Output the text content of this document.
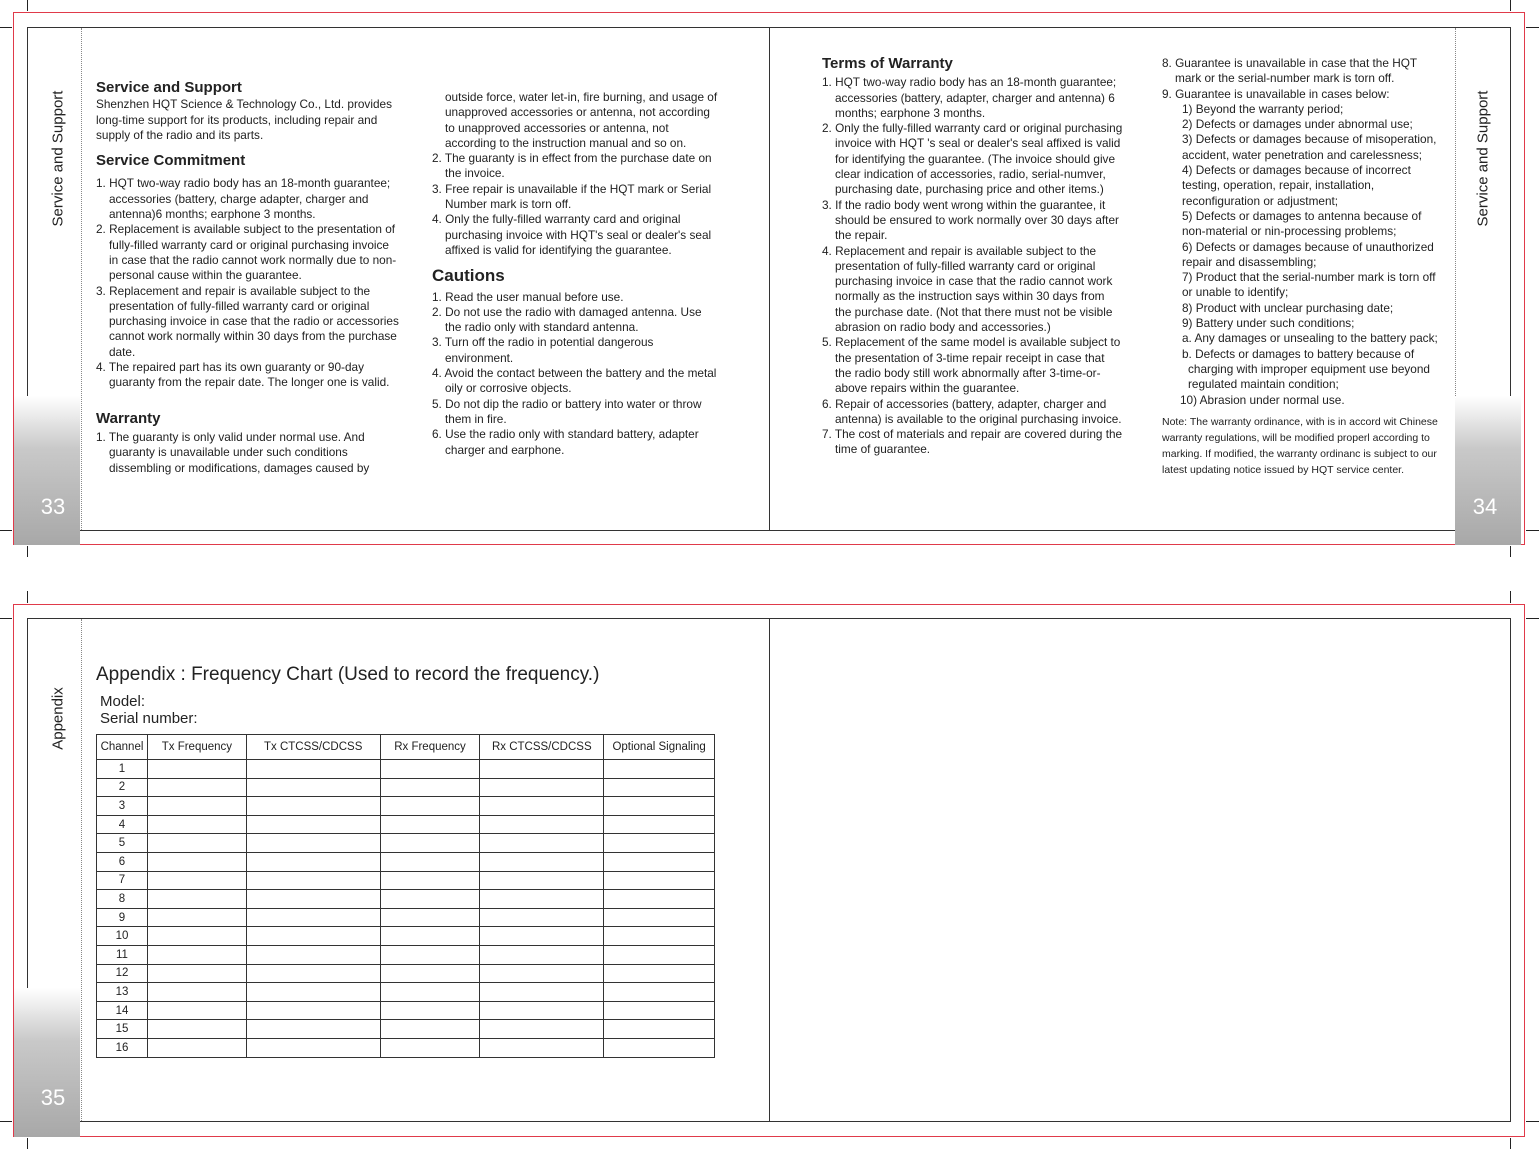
33	34
Service and Support	Service and Support
Service and Support

Shenzhen HQT Science & Technology Co., Ltd. provides long-time support for its products, including repair and supply of the radio and its parts.

Service Commitment

1. HQT two-way radio body has an 18-month guarantee; accessories (battery, charge adapter, charger and antenna)6 months; earphone 3 months.

2. Replacement is available subject to the presentation of fully-filled warranty card or original purchasing invoice in case that the radio cannot work normally due to non-personal cause within the guarantee.

3. Replacement and repair is available subject to the presentation of fully-filled warranty card or original purchasing invoice in case that the radio or accessories cannot work normally within 30 days from the purchase date.

4. The repaired part has its own guaranty or 90-day guaranty from the repair date. The longer one is valid.

Warranty

1. The guaranty is only valid under normal use. And guaranty is unavailable under such conditions dissembling or modifications, damages caused by

outside force, water let-in, fire burning, and usage of unapproved accessories or antenna, not according to unapproved accessories or antenna, not according to the instruction manual and so on.

2. The guaranty is in effect from the purchase date on the invoice.

3. Free repair is unavailable if the HQT mark or Serial Number mark is torn off.

4. Only the fully-filled warranty card and original purchasing invoice with HQT's seal or dealer's seal affixed is valid for identifying the guarantee.

Cautions

1. Read the user manual before use.

2. Do not use the radio with damaged antenna. Use the radio only with standard antenna.

3. Turn off the radio in potential dangerous environment.

4. Avoid the contact between the battery and the metal oily or corrosive objects.

5. Do not dip the radio or battery into water or throw them in fire.

6. Use the radio only with standard battery, adapter charger and earphone.

Terms of Warranty

1. HQT two-way radio body has an 18-month guarantee; accessories (battery, adapter, charger and antenna) 6 months; earphone 3 months.

2. Only the fully-filled warranty card or original purchasing invoice with HQT 's seal or dealer's seal affixed is valid for identifying the guarantee. (The invoice should give clear indication of accessories, radio, serial-numver, purchasing date, purchasing price and other items.)

3. If the radio body went wrong within the guarantee, it should be ensured to work normally over 30 days after the repair.

4. Replacement and repair is available subject to the presentation of fully-filled warranty card or original purchasing invoice in case that the radio cannot work normally as the instruction says within 30 days from the purchase date. (Not that there must not be visible abrasion on radio body and accessories.)

5. Replacement of the same model is available subject to the presentation of 3-time repair receipt in case that the radio body still work abnormally after 3-time-or-above repairs within the guarantee.

6. Repair of accessories (battery, adapter, charger and antenna) is available to the original purchasing invoice.

7. The cost of materials and repair are covered during the time of guarantee.

8. Guarantee is unavailable in case that the HQT mark or the serial-number mark is torn off.

9. Guarantee is unavailable in cases below:

1) Beyond the warranty period;

2) Defects or damages under abnormal use;

3) Defects or damages because of misoperation, accident, water penetration and carelessness;

4) Defects or damages because of incorrect testing, operation, repair, installation, reconfiguration or adjustment;

5) Defects or damages to antenna because of non-material or nin-processing problems;

6) Defects or damages because of unauthorized repair and disassembling;

7) Product that the serial-number mark is torn off or unable to identify;

8) Product with unclear purchasing date;

9) Battery under such conditions;

a. Any damages or unsealing to the battery pack;

b. Defects or damages to battery because of charging with improper equipment use beyond regulated maintain condition;

10) Abrasion under normal use.

Note: The warranty ordinance, with is in accord wit Chinese warranty regulations, will be modified properl according to marking. If modified, the warranty ordinanc is subject to our latest updating notice issued by HQT service center.

35
Appendix
Appendix : Frequency Chart (Used to record the frequency.)
Model:
Serial number:
Channel	Tx Frequency	Tx CTCSS/CDCSS	Rx Frequency	Rx CTCSS/CDCSS	Optional Signaling
1					
2					
3					
4					
5					
6					
7					
8					
9					
10					
11					
12					
13					
14					
15					
16					
